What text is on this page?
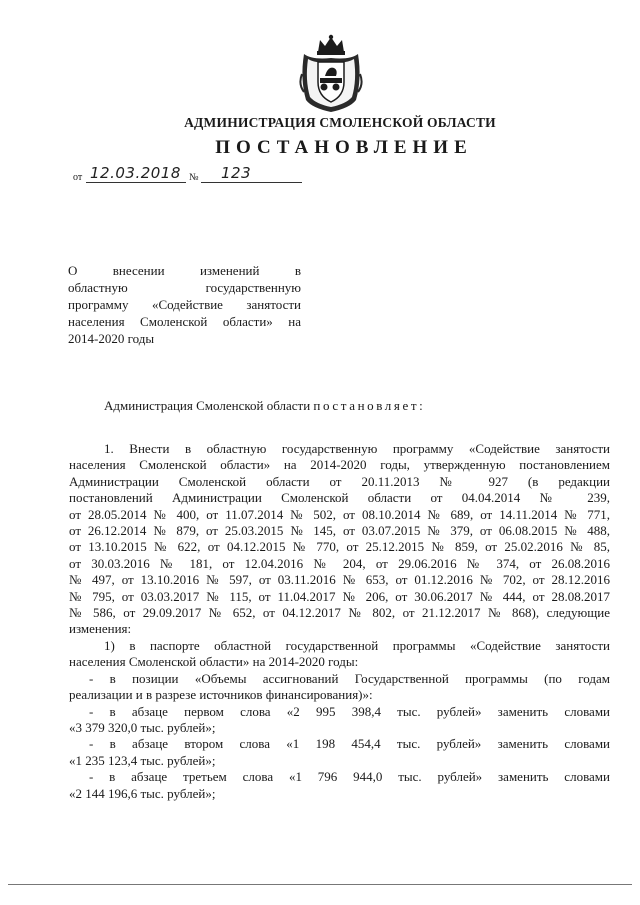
АДМИНИСТРАЦИЯ СМОЛЕНСКОЙ ОБЛАСТИ
ПОСТАНОВЛЕНИЕ
от 12.03.2018 № 123
О внесении изменений в
областную государственную
программу «Содействие занятости
населения Смоленской области» на
2014-2020 годы
Администрация Смоленской области постановляет:
1. Внести в областную государственную программу «Содействие занятости
населения Смоленской области» на 2014-2020 годы, утвержденную постановлением
Администрации Смоленской области от 20.11.2013 № 927 (в редакции
постановлений Администрации Смоленской области от 04.04.2014 № 239,
от 28.05.2014 № 400, от 11.07.2014 № 502, от 08.10.2014 № 689, от 14.11.2014 № 771,
от 26.12.2014 № 879, от 25.03.2015 № 145, от 03.07.2015 № 379, от 06.08.2015 № 488,
от 13.10.2015 № 622, от 04.12.2015 № 770, от 25.12.2015 № 859, от 25.02.2016 № 85,
от 30.03.2016 № 181, от 12.04.2016 № 204, от 29.06.2016 № 374, от 26.08.2016
№ 497, от 13.10.2016 № 597, от 03.11.2016 № 653, от 01.12.2016 № 702, от 28.12.2016
№ 795, от 03.03.2017 № 115, от 11.04.2017 № 206, от 30.06.2017 № 444, от 28.08.2017
№ 586, от 29.09.2017 № 652, от 04.12.2017 № 802, от 21.12.2017 № 868), следующие
изменения:
1) в паспорте областной государственной программы «Содействие занятости
населения Смоленской области» на 2014-2020 годы:
- в позиции «Объемы ассигнований Государственной программы (по годам
реализации и в разрезе источников финансирования)»:
- в абзаце первом слова «2 995 398,4 тыс. рублей» заменить словами
«3 379 320,0 тыс. рублей»;
- в абзаце втором слова «1 198 454,4 тыс. рублей» заменить словами
«1 235 123,4 тыс. рублей»;
- в абзаце третьем слова «1 796 944,0 тыс. рублей» заменить словами
«2 144 196,6 тыс. рублей»;
